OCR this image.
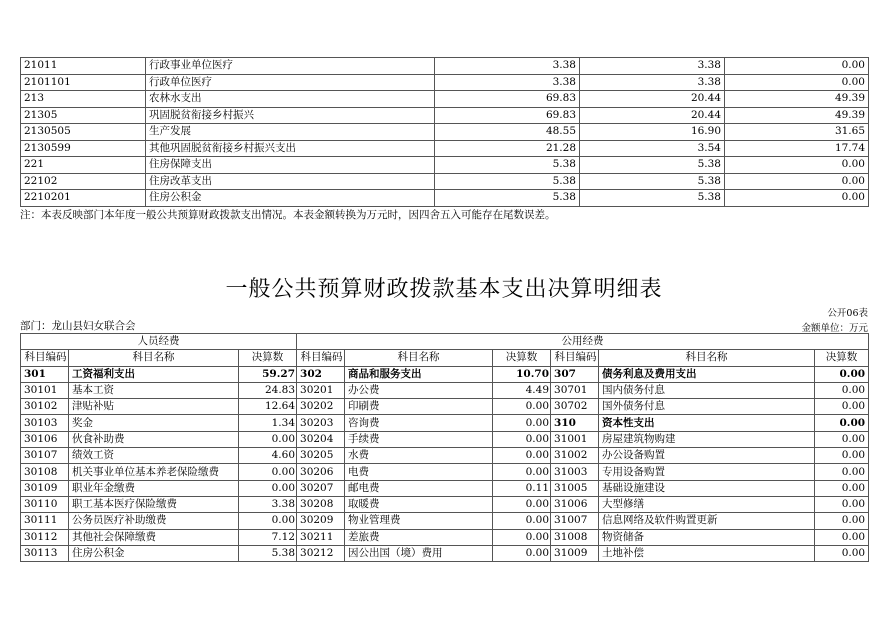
21011	行政事业单位医疗	3.38	3.38	0.00
2101101	行政单位医疗	3.38	3.38	0.00
213	农林水支出	69.83	20.44	49.39
21305	巩固脱贫衔接乡村振兴	69.83	20.44	49.39
2130505	生产发展	48.55	16.90	31.65
2130599	其他巩固脱贫衔接乡村振兴支出	21.28	3.54	17.74
221	住房保障支出	5.38	5.38	0.00
22102	住房改革支出	5.38	5.38	0.00
2210201	住房公积金	5.38	5.38	0.00
注：本表反映部门本年度一般公共预算财政拨款支出情况。本表金额转换为万元时，因四舍五入可能存在尾数误差。
一般公共预算财政拨款基本支出决算明细表
公开06表
部门：龙山县妇女联合会	金额单位：万元
人员经费			公用经费					
科目编码	科目名称	决算数	科目编码	科目名称	决算数	科目编码	科目名称	决算数
301	工资福利支出	59.27	302	商品和服务支出	10.70	307	债务利息及费用支出	0.00
30101	基本工资	24.83	30201	办公费	4.49	30701	国内债务付息	0.00
30102	津贴补贴	12.64	30202	印刷费	0.00	30702	国外债务付息	0.00
30103	奖金	1.34	30203	咨询费	0.00	310	资本性支出	0.00
30106	伙食补助费	0.00	30204	手续费	0.00	31001	房屋建筑物购建	0.00
30107	绩效工资	4.60	30205	水费	0.00	31002	办公设备购置	0.00
30108	机关事业单位基本养老保险缴费	0.00	30206	电费	0.00	31003	专用设备购置	0.00
30109	职业年金缴费	0.00	30207	邮电费	0.11	31005	基础设施建设	0.00
30110	职工基本医疗保险缴费	3.38	30208	取暖费	0.00	31006	大型修缮	0.00
30111	公务员医疗补助缴费	0.00	30209	物业管理费	0.00	31007	信息网络及软件购置更新	0.00
30112	其他社会保障缴费	7.12	30211	差旅费	0.00	31008	物资储备	0.00
30113	住房公积金	5.38	30212	因公出国（境）费用	0.00	31009	土地补偿	0.00
